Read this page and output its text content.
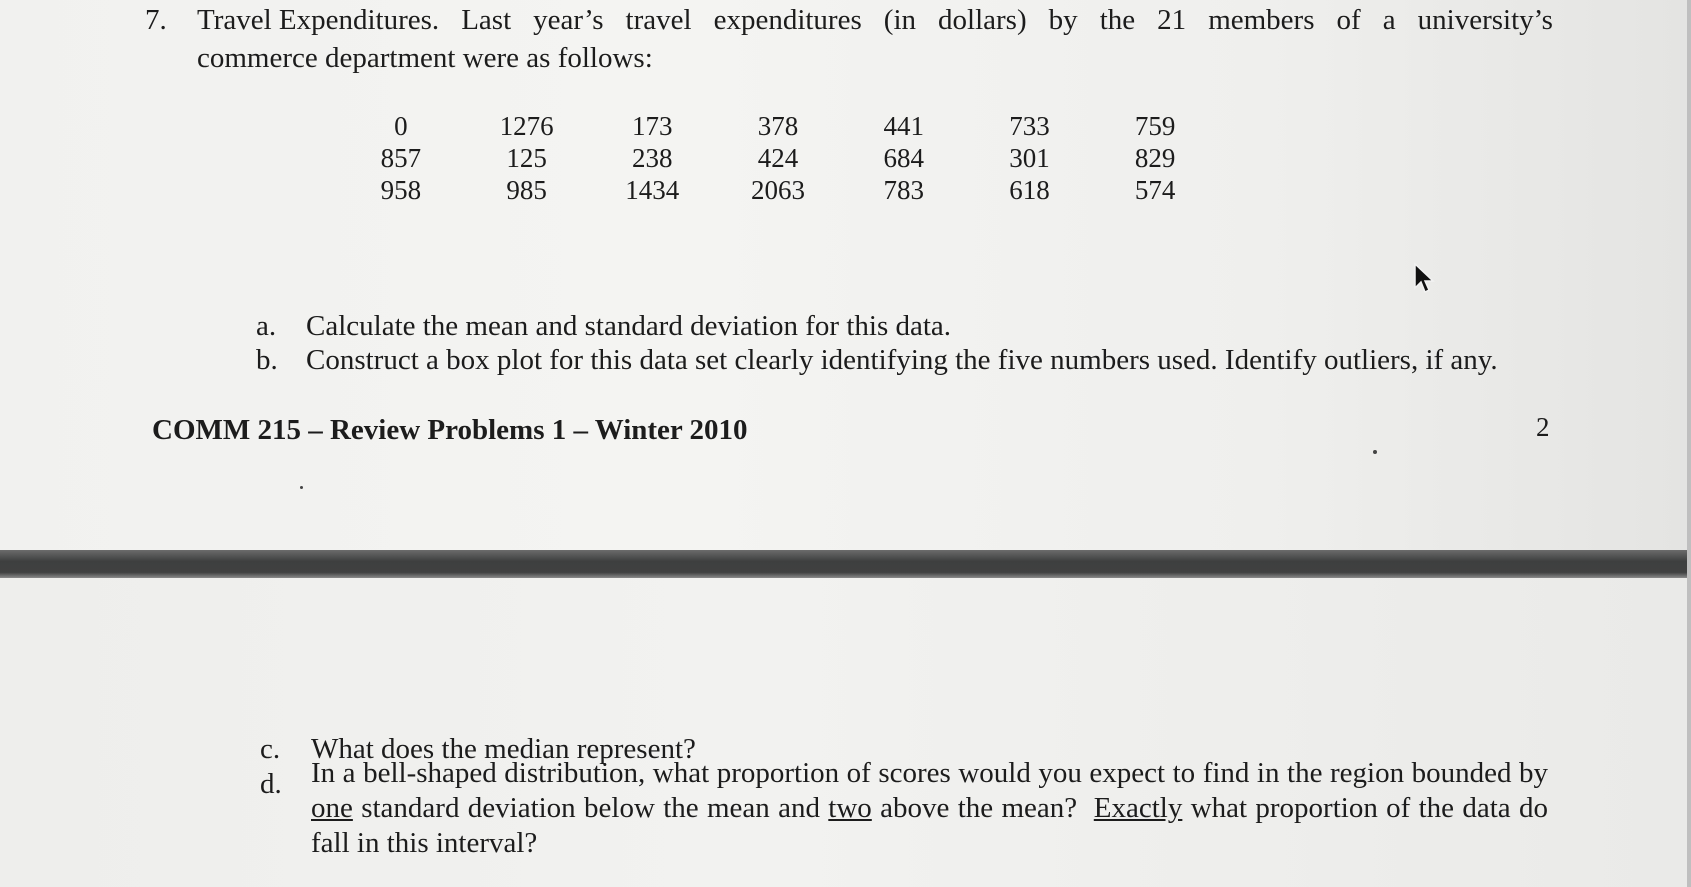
7. Travel Expenditures. Last year’s travel expenditures (in dollars) by the 21 members of a university’s
commerce department were as follows:
0	1276	173	378	441	733	759
857	125	238	424	684	301	829
958	985	1434	2063	783	618	574
a. Calculate the mean and standard deviation for this data.
b. Construct a box plot for this data set clearly identifying the five numbers used. Identify outliers, if any.
COMM 215 – Review Problems 1 – Winter 2010	2
c. What does the median represent?
d. In a bell-shaped distribution, what proportion of scores would you expect to find in the region bounded by one standard deviation below the mean and two above the mean? Exactly what proportion of the data do fall in this interval?
